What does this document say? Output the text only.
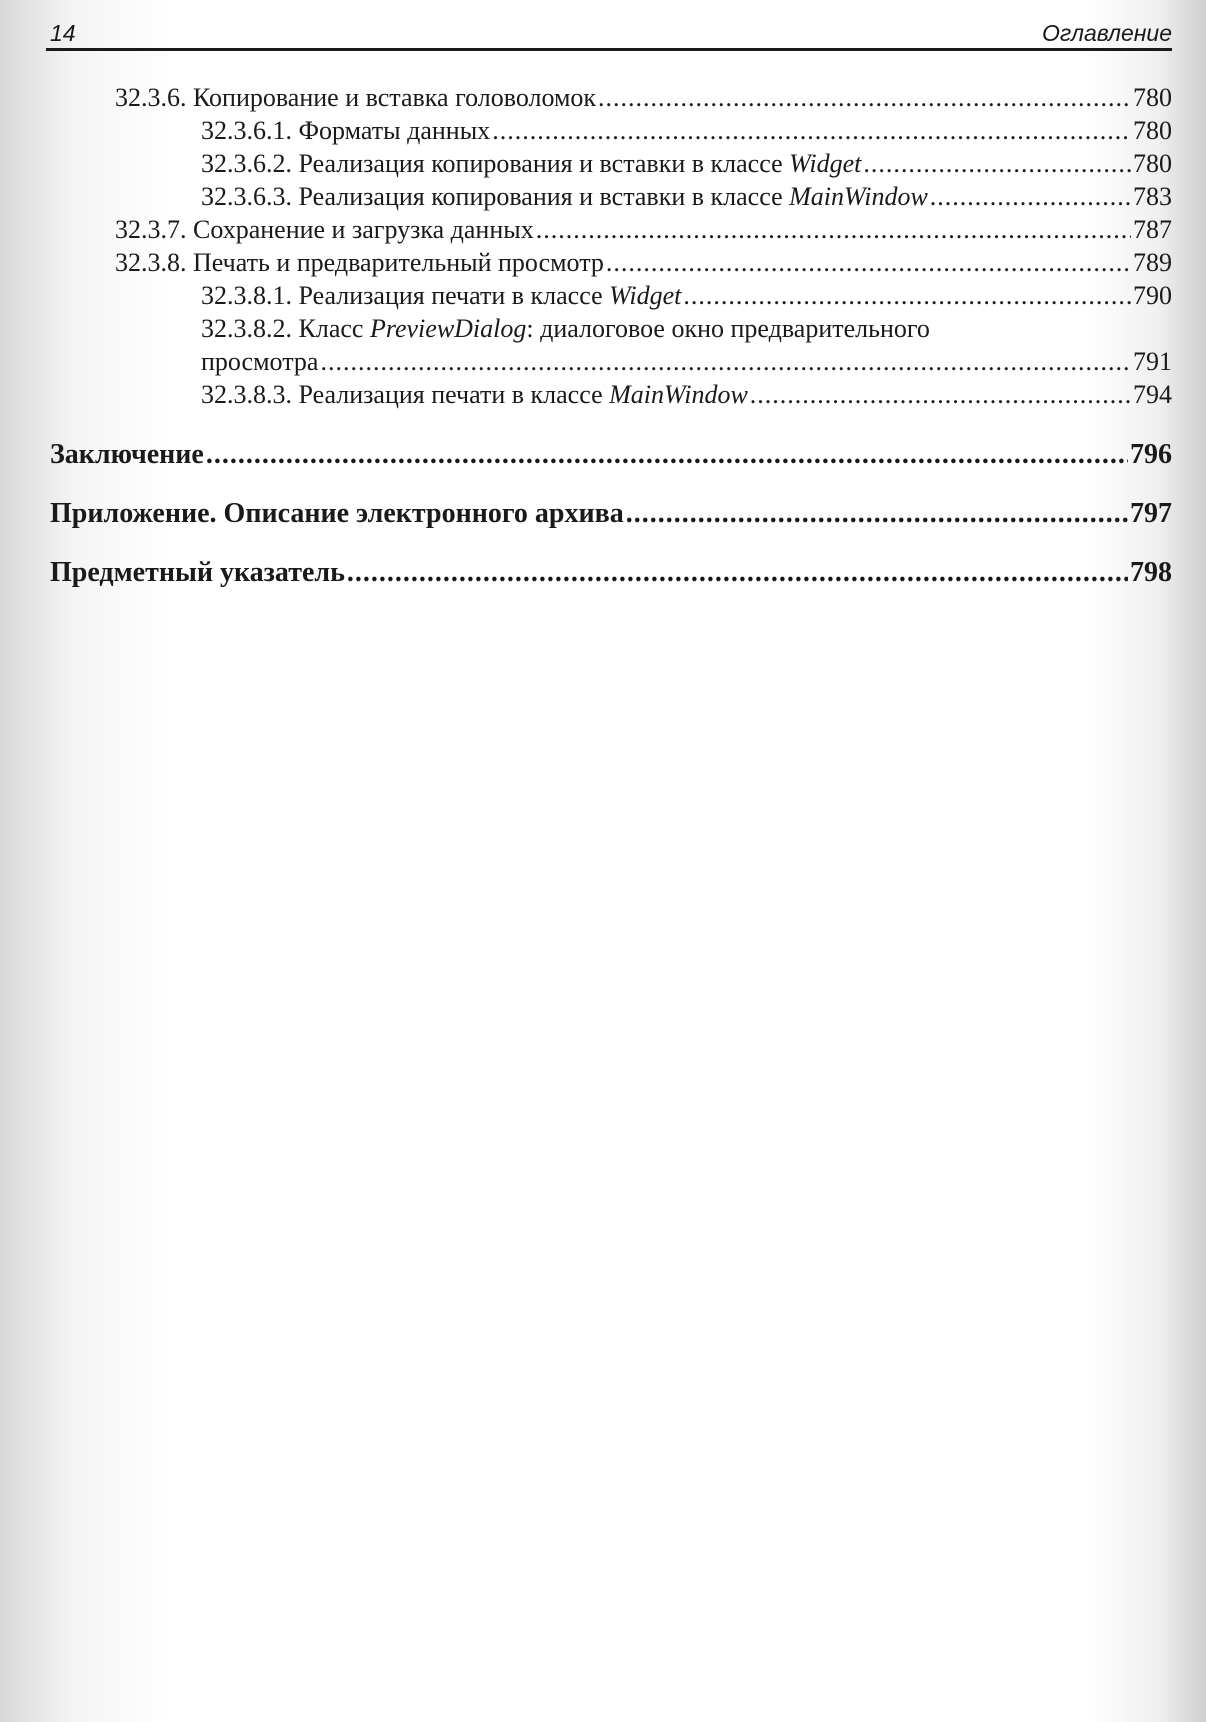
14	Оглавление
32.3.6. Копирование и вставка головоломок .....	780
32.3.6.1. Форматы данных .....	780
32.3.6.2. Реализация копирования и вставки в классе Widget .....	780
32.3.6.3. Реализация копирования и вставки в классе MainWindow .....	783
32.3.7. Сохранение и загрузка данных .....	787
32.3.8. Печать и предварительный просмотр .....	789
32.3.8.1. Реализация печати в классе Widget .....	790
32.3.8.2. Класс PreviewDialog: диалоговое окно предварительного
просмотра .....	791
32.3.8.3. Реализация печати в классе MainWindow .....	794
Заключение .....	796
Приложение. Описание электронного архива .....	797
Предметный указатель .....	798
